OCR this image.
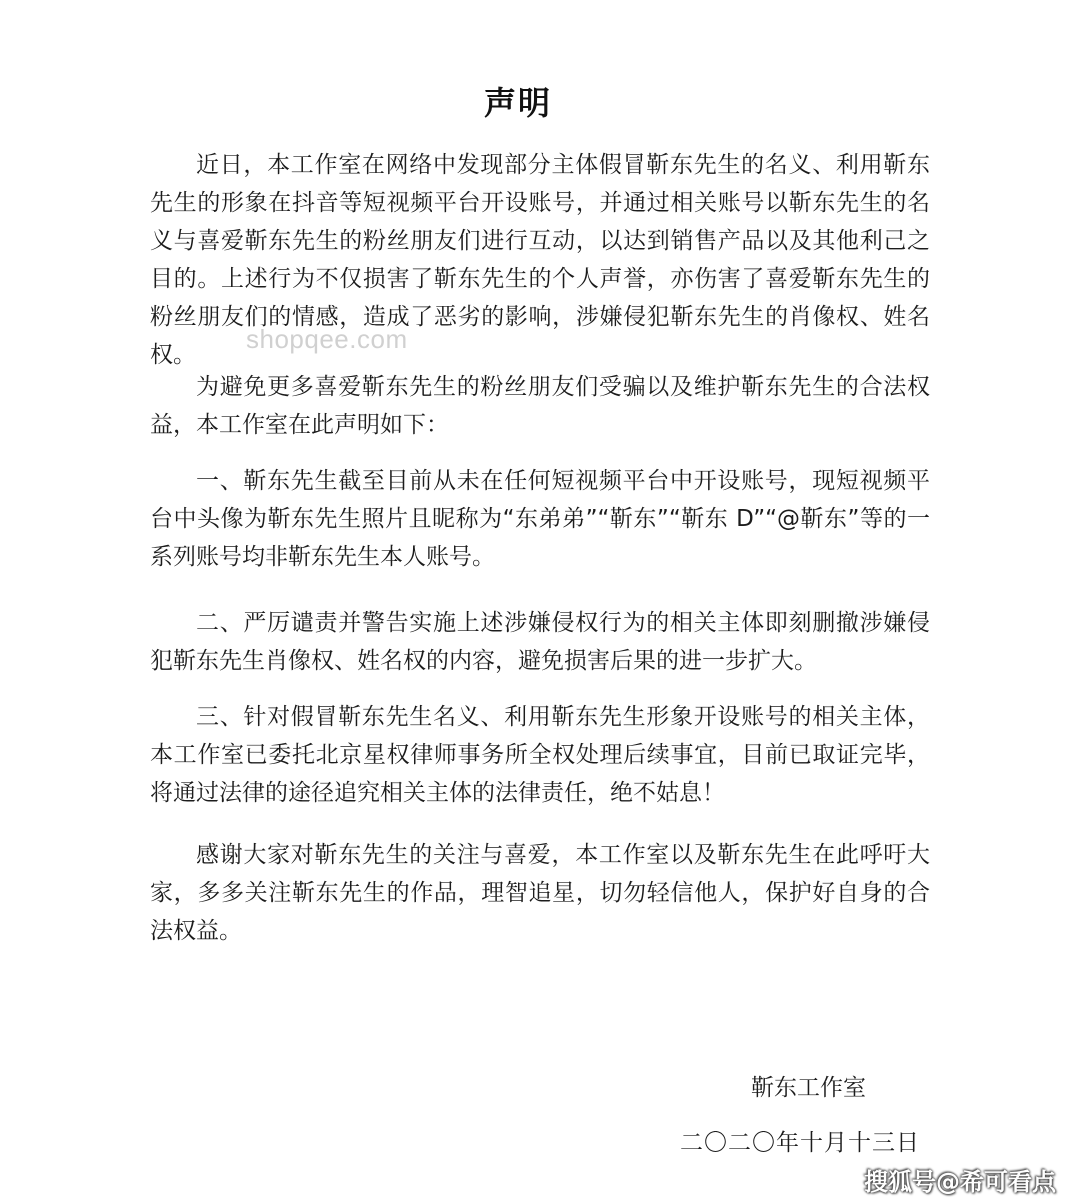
声明

近日，本工作室在网络中发现部分主体假冒靳东先生的名义、利用靳东先生的形象在抖音等短视频平台开设账号，并通过相关账号以靳东先生的名义与喜爱靳东先生的粉丝朋友们进行互动，以达到销售产品以及其他利己之目的。上述行为不仅损害了靳东先生的个人声誉，亦伤害了喜爱靳东先生的粉丝朋友们的情感，造成了恶劣的影响，涉嫌侵犯靳东先生的肖像权、姓名权。

为避免更多喜爱靳东先生的粉丝朋友们受骗以及维护靳东先生的合法权益，本工作室在此声明如下：

一、靳东先生截至目前从未在任何短视频平台中开设账号，现短视频平台中头像为靳东先生照片且昵称为“东弟弟”“靳东”“靳东 D”“@靳东”等的一系列账号均非靳东先生本人账号。

二、严厉谴责并警告实施上述涉嫌侵权行为的相关主体即刻删撤涉嫌侵犯靳东先生肖像权、姓名权的内容，避免损害后果的进一步扩大。

三、针对假冒靳东先生名义、利用靳东先生形象开设账号的相关主体，本工作室已委托北京星权律师事务所全权处理后续事宜，目前已取证完毕，将通过法律的途径追究相关主体的法律责任，绝不姑息！

感谢大家对靳东先生的关注与喜爱，本工作室以及靳东先生在此呼吁大家，多多关注靳东先生的作品，理智追星，切勿轻信他人，保护好自身的合法权益。

shopqee.com
靳东工作室
二〇二〇年十月十三日
搜狐号@希可看点
